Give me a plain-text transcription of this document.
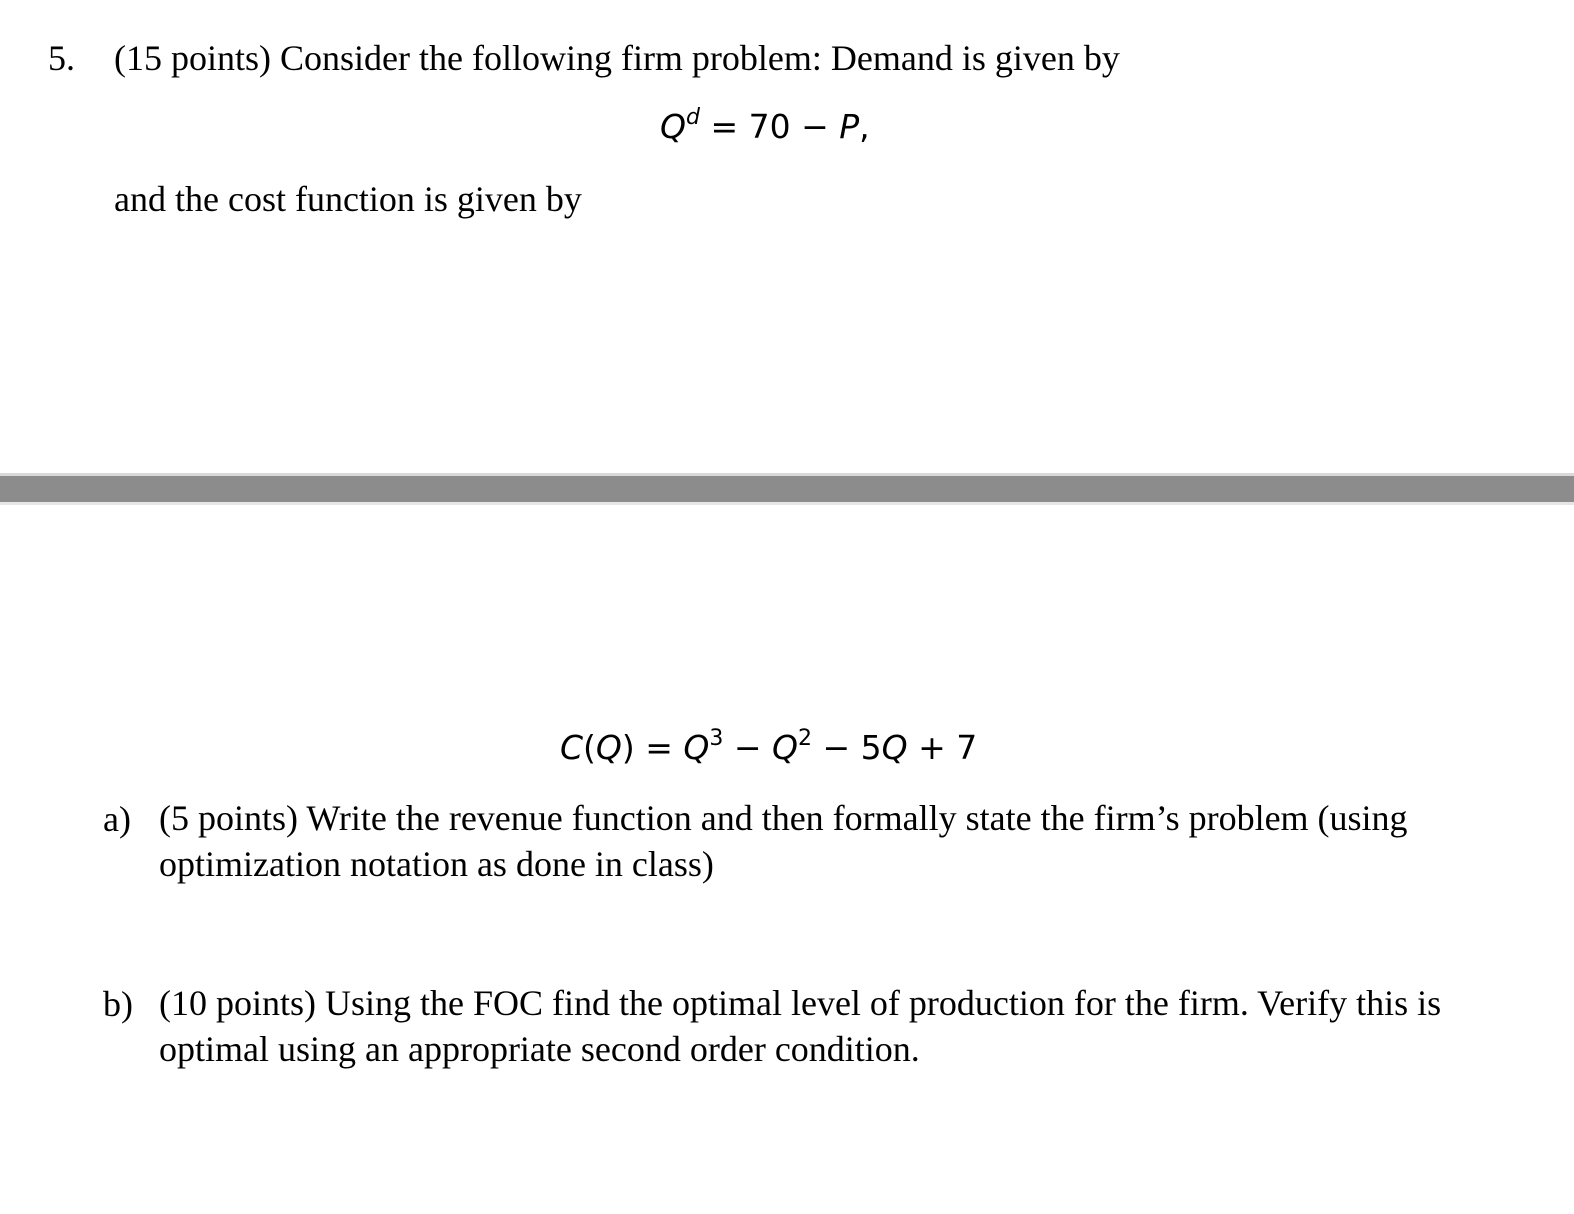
5. (15 points) Consider the following firm problem: Demand is given by
$Q^d = 70 - P$,
and the cost function is given by
$C(Q) = Q^3 - Q^2 - 5Q + 7$
a) (5 points) Write the revenue function and then formally state the firm’s problem (using
optimization notation as done in class)
b) (10 points) Using the FOC find the optimal level of production for the firm. Verify this is
optimal using an appropriate second order condition.
